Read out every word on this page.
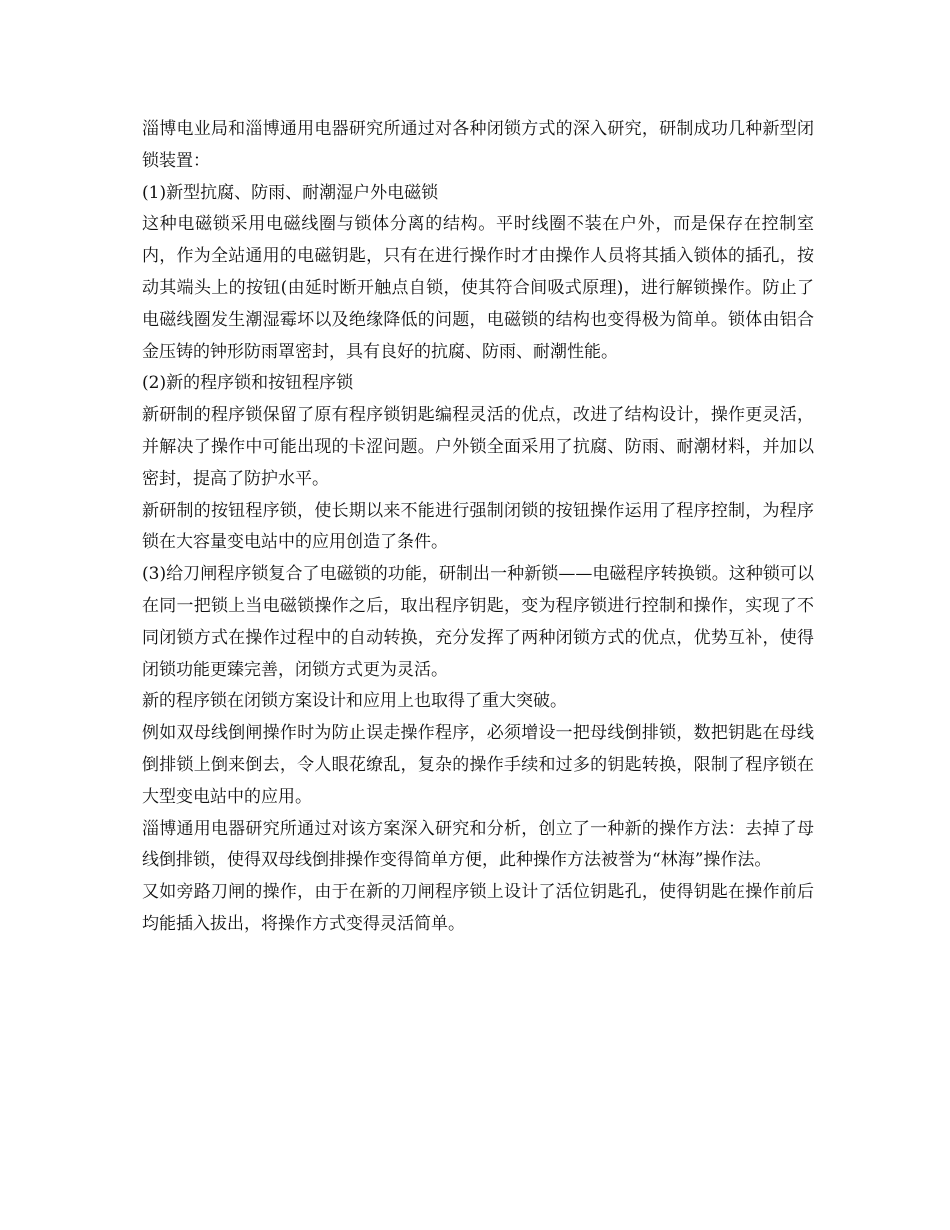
淄博电业局和淄博通用电器研究所通过对各种闭锁方式的深入研究，研制成功几种新型闭锁装置：

(1)新型抗腐、防雨、耐潮湿户外电磁锁

这种电磁锁采用电磁线圈与锁体分离的结构。平时线圈不装在户外，而是保存在控制室内，作为全站通用的电磁钥匙，只有在进行操作时才由操作人员将其插入锁体的插孔，按动其端头上的按钮(由延时断开触点自锁，使其符合间吸式原理)，进行解锁操作。防止了电磁线圈发生潮湿霉坏以及绝缘降低的问题，电磁锁的结构也变得极为简单。锁体由铝合金压铸的钟形防雨罩密封，具有良好的抗腐、防雨、耐潮性能。

(2)新的程序锁和按钮程序锁

新研制的程序锁保留了原有程序锁钥匙编程灵活的优点，改进了结构设计，操作更灵活，并解决了操作中可能出现的卡涩问题。户外锁全面采用了抗腐、防雨、耐潮材料，并加以密封，提高了防护水平。

新研制的按钮程序锁，使长期以来不能进行强制闭锁的按钮操作运用了程序控制，为程序锁在大容量变电站中的应用创造了条件。

(3)给刀闸程序锁复合了电磁锁的功能，研制出一种新锁——电磁程序转换锁。这种锁可以在同一把锁上当电磁锁操作之后，取出程序钥匙，变为程序锁进行控制和操作，实现了不同闭锁方式在操作过程中的自动转换，充分发挥了两种闭锁方式的优点，优势互补，使得闭锁功能更臻完善，闭锁方式更为灵活。

新的程序锁在闭锁方案设计和应用上也取得了重大突破。

例如双母线倒闸操作时为防止误走操作程序，必须增设一把母线倒排锁，数把钥匙在母线倒排锁上倒来倒去，令人眼花缭乱，复杂的操作手续和过多的钥匙转换，限制了程序锁在大型变电站中的应用。

淄博通用电器研究所通过对该方案深入研究和分析，创立了一种新的操作方法：去掉了母线倒排锁，使得双母线倒排操作变得简单方便，此种操作方法被誉为“林海”操作法。

又如旁路刀闸的操作，由于在新的刀闸程序锁上设计了活位钥匙孔，使得钥匙在操作前后均能插入拔出，将操作方式变得灵活简单。
